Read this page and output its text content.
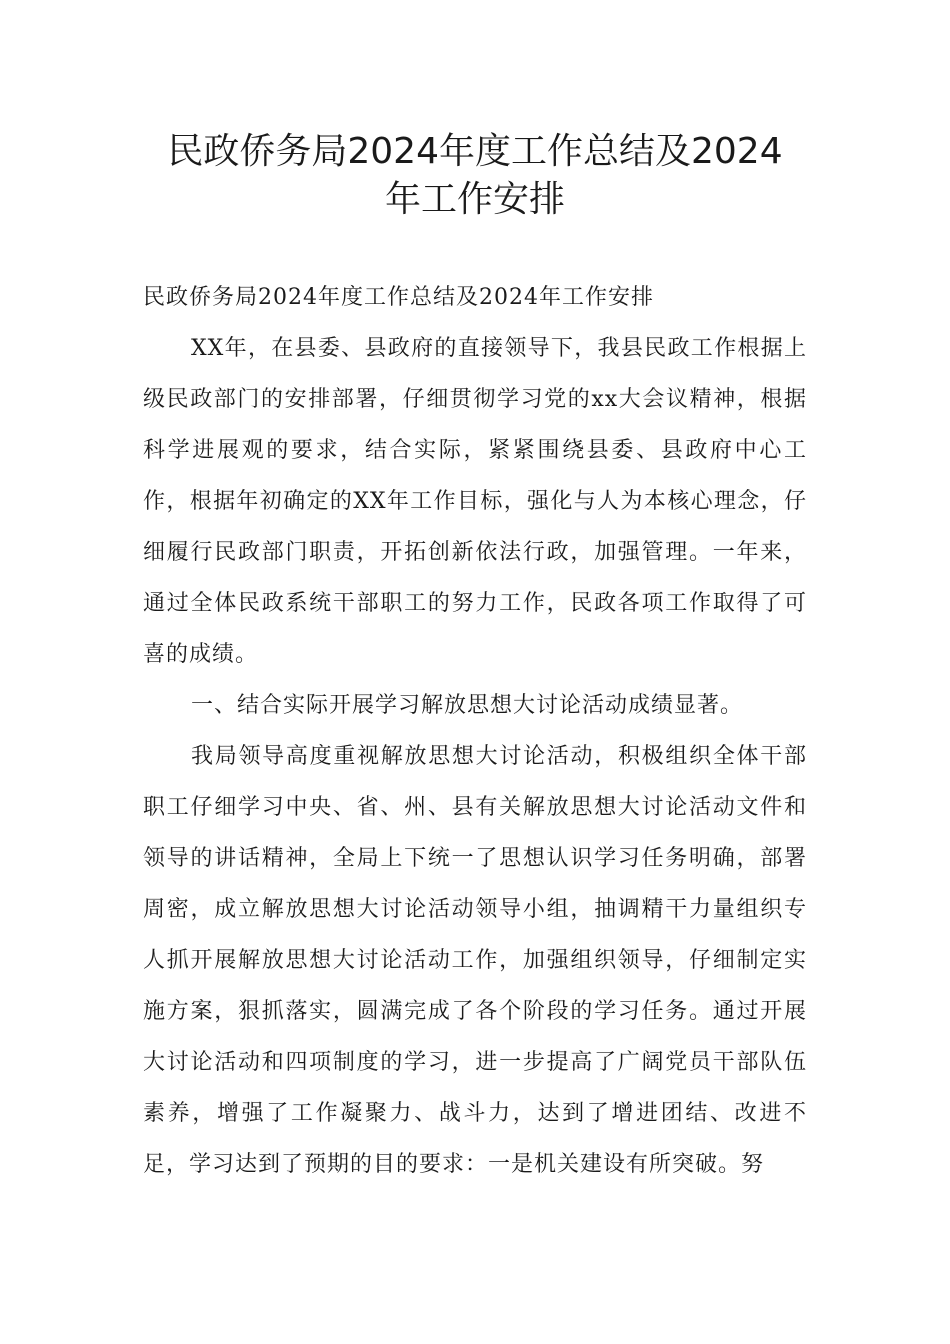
民政侨务局2024年度工作总结及2024
年工作安排

民政侨务局2024年度工作总结及2024年工作安排

XX年，在县委、县政府的直接领导下，我县民政工作根据上级民政部门的安排部署，仔细贯彻学习党的xx大会议精神，根据科学进展观的要求，结合实际，紧紧围绕县委、县政府中心工作，根据年初确定的XX年工作目标，强化与人为本核心理念，仔细履行民政部门职责，开拓创新依法行政，加强管理。一年来，通过全体民政系统干部职工的努力工作，民政各项工作取得了可喜的成绩。

一、结合实际开展学习解放思想大讨论活动成绩显著。

我局领导高度重视解放思想大讨论活动，积极组织全体干部职工仔细学习中央、省、州、县有关解放思想大讨论活动文件和领导的讲话精神，全局上下统一了思想认识学习任务明确，部署周密，成立解放思想大讨论活动领导小组，抽调精干力量组织专人抓开展解放思想大讨论活动工作，加强组织领导，仔细制定实施方案，狠抓落实，圆满完成了各个阶段的学习任务。通过开展大讨论活动和四项制度的学习，进一步提高了广阔党员干部队伍素养，增强了工作凝聚力、战斗力，达到了增进团结、改进不足，学习达到了预期的目的要求：一是机关建设有所突破。努
